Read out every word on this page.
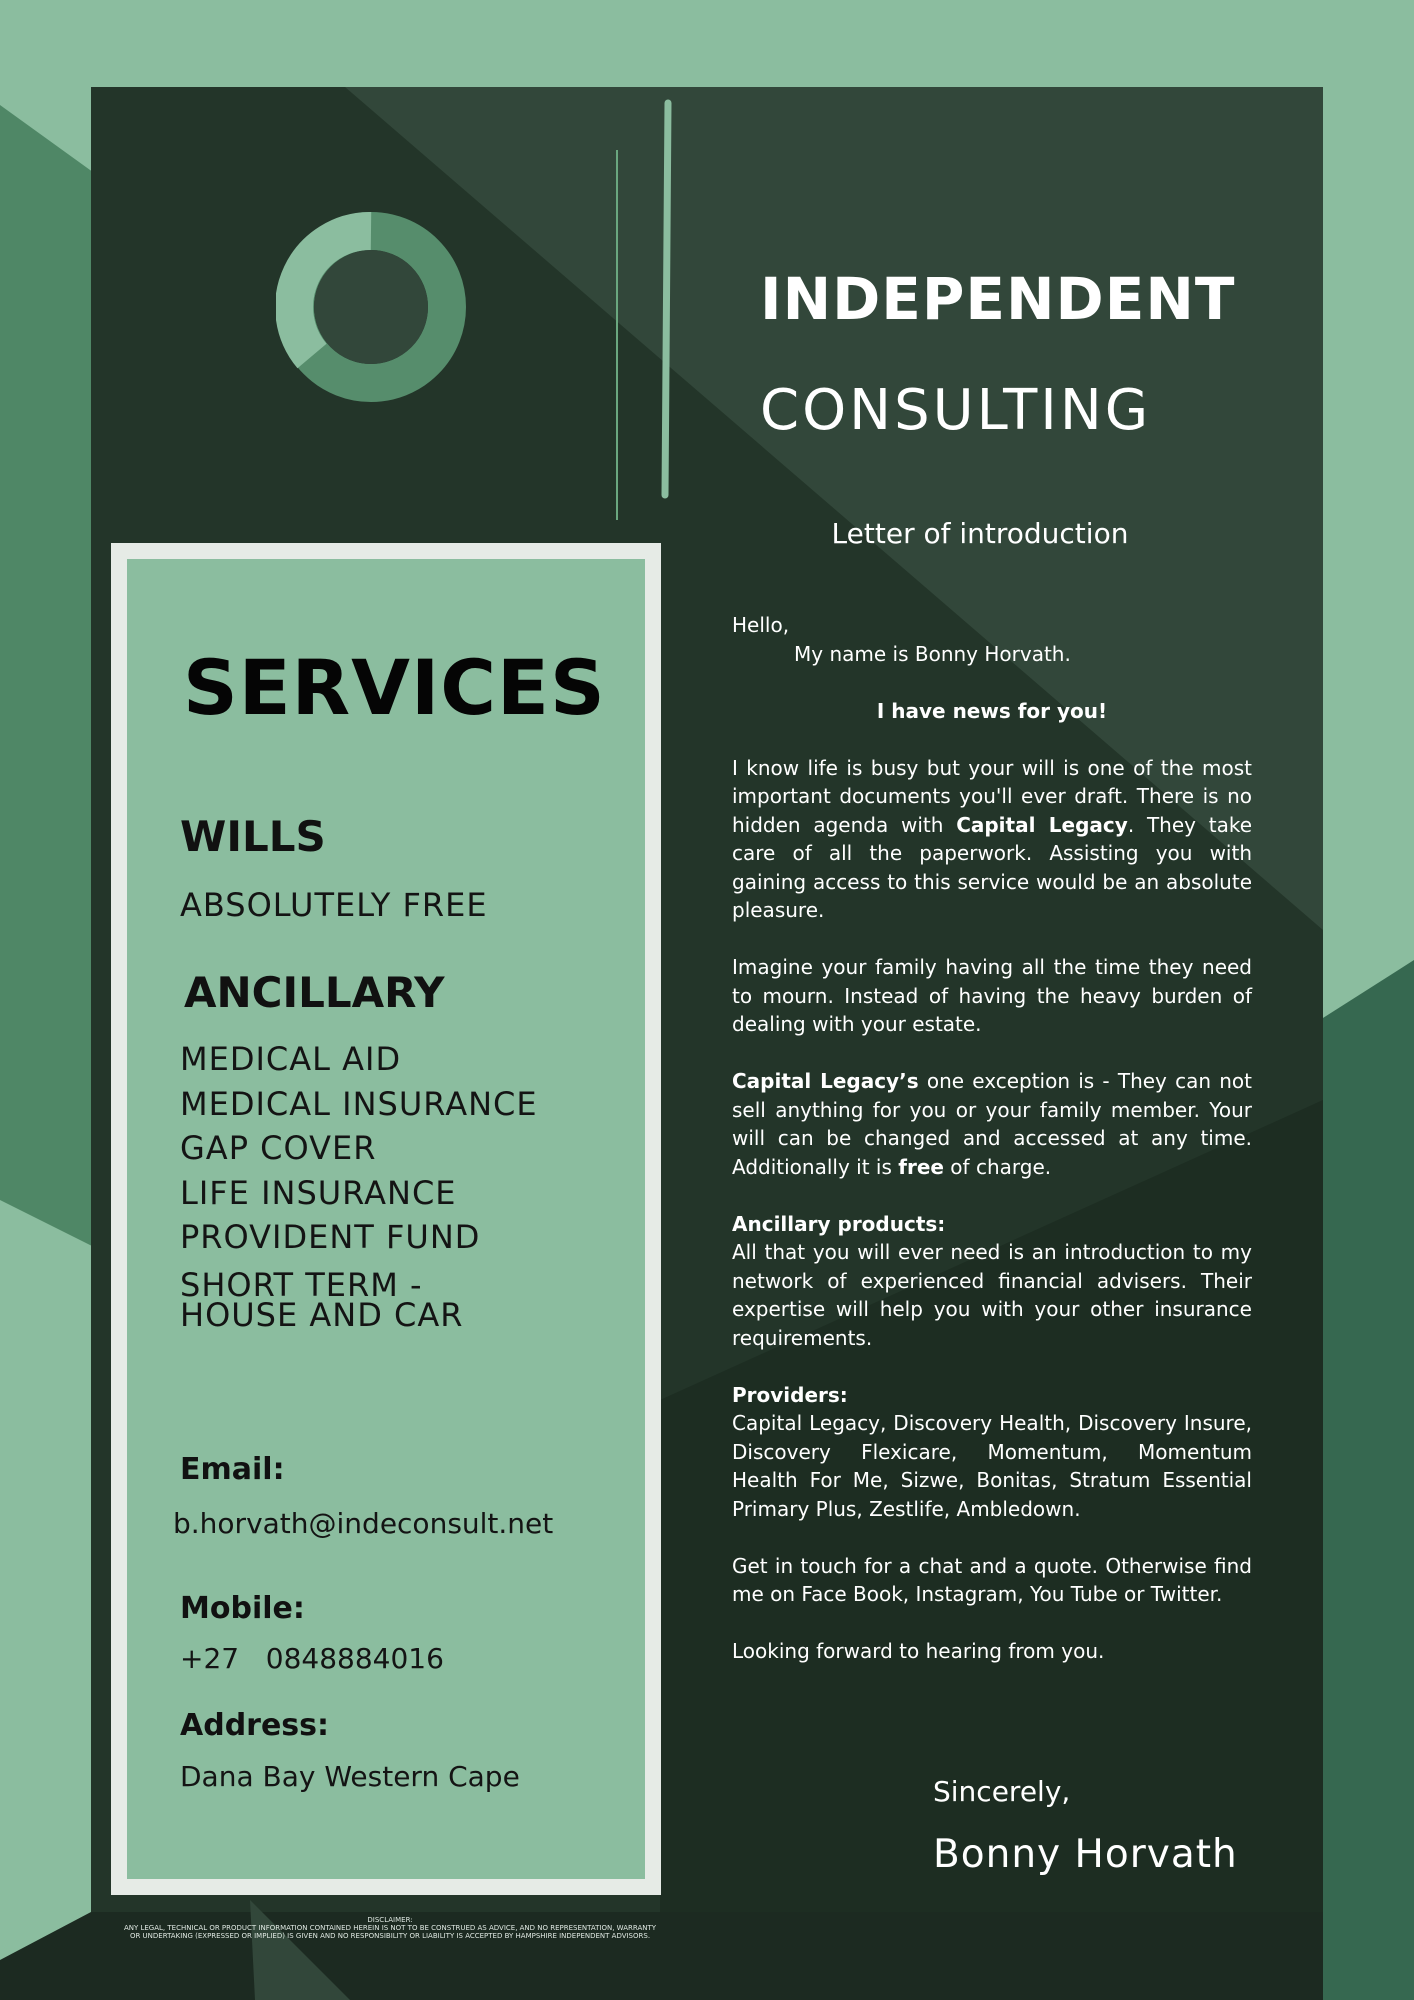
INDEPENDENT
CONSULTING
Letter of introduction
Hello,
My name is Bonny Horvath.

I have news for you!

I know life is busy but your will is one of the most important documents you'll ever draft. There is no hidden agenda with Capital Legacy. They take care of all the paperwork. Assisting you with gaining access to this service would be an absolute pleasure.

Imagine your family having all the time they need to mourn. Instead of having the heavy burden of dealing with your estate.

Capital Legacy’s one exception is - They can not sell anything for you or your family member. Your will can be changed and accessed at any time. Additionally it is free of charge.

Ancillary products:

All that you will ever need is an introduction to my network of experienced financial advisers. Their expertise will help you with your other insurance requirements.

Providers:

Capital Legacy, Discovery Health, Discovery Insure, Discovery Flexicare, Momentum, Momentum Health For Me, Sizwe, Bonitas, Stratum Essential Primary Plus, Zestlife, Ambledown.

Get in touch for a chat and a quote. Otherwise find me on Face Book, Instagram, You Tube or Twitter.

Looking forward to hearing from you.

Sincerely,
Bonny Horvath
SERVICES
WILLS
ABSOLUTELY FREE
ANCILLARY
MEDICAL AID
MEDICAL INSURANCE
GAP COVER
LIFE INSURANCE
PROVIDENT FUND
SHORT TERM -
HOUSE AND CAR
Email:
b.horvath@indeconsult.net
Mobile:
+27   0848884016
Address:
Dana Bay Western Cape
DISCLAIMER:
ANY LEGAL, TECHNICAL OR PRODUCT INFORMATION CONTAINED HEREIN IS NOT TO BE CONSTRUED AS ADVICE, AND NO REPRESENTATION, WARRANTY OR UNDERTAKING (EXPRESSED OR IMPLIED) IS GIVEN AND NO RESPONSIBILITY OR LIABILITY IS ACCEPTED BY HAMPSHIRE INDEPENDENT ADVISORS.
